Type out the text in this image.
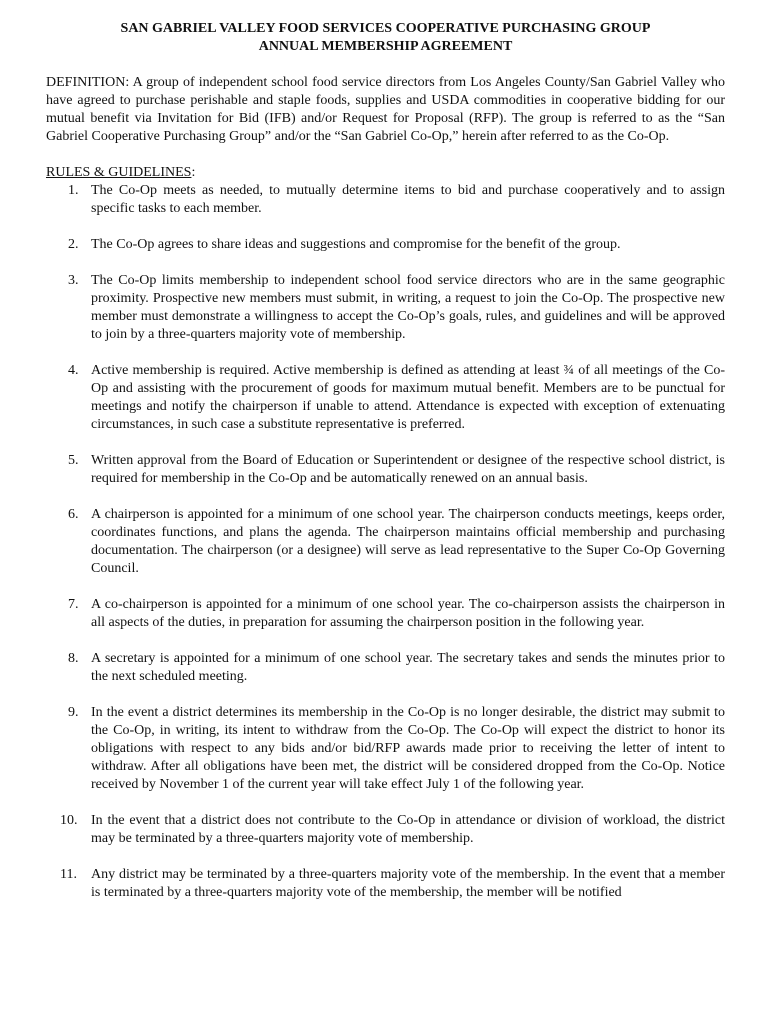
SAN GABRIEL VALLEY FOOD SERVICES COOPERATIVE PURCHASING GROUP
ANNUAL MEMBERSHIP AGREEMENT

DEFINITION: A group of independent school food service directors from Los Angeles County/San Gabriel Valley who have agreed to purchase perishable and staple foods, supplies and USDA commodities in cooperative bidding for our mutual benefit via Invitation for Bid (IFB) and/or Request for Proposal (RFP). The group is referred to as the “San Gabriel Cooperative Purchasing Group” and/or the “San Gabriel Co-Op,” herein after referred to as the Co-Op.

RULES & GUIDELINES:
1. The Co-Op meets as needed, to mutually determine items to bid and purchase cooperatively and to assign specific tasks to each member.
2. The Co-Op agrees to share ideas and suggestions and compromise for the benefit of the group.
3. The Co-Op limits membership to independent school food service directors who are in the same geographic proximity. Prospective new members must submit, in writing, a request to join the Co-Op. The prospective new member must demonstrate a willingness to accept the Co-Op’s goals, rules, and guidelines and will be approved to join by a three-quarters majority vote of membership.
4. Active membership is required. Active membership is defined as attending at least ¾ of all meetings of the Co-Op and assisting with the procurement of goods for maximum mutual benefit. Members are to be punctual for meetings and notify the chairperson if unable to attend. Attendance is expected with exception of extenuating circumstances, in such case a substitute representative is preferred.
5. Written approval from the Board of Education or Superintendent or designee of the respective school district, is required for membership in the Co-Op and be automatically renewed on an annual basis.
6. A chairperson is appointed for a minimum of one school year. The chairperson conducts meetings, keeps order, coordinates functions, and plans the agenda. The chairperson maintains official membership and purchasing documentation. The chairperson (or a designee) will serve as lead representative to the Super Co-Op Governing Council.
7. A co-chairperson is appointed for a minimum of one school year. The co-chairperson assists the chairperson in all aspects of the duties, in preparation for assuming the chairperson position in the following year.
8. A secretary is appointed for a minimum of one school year. The secretary takes and sends the minutes prior to the next scheduled meeting.
9. In the event a district determines its membership in the Co-Op is no longer desirable, the district may submit to the Co-Op, in writing, its intent to withdraw from the Co-Op. The Co-Op will expect the district to honor its obligations with respect to any bids and/or bid/RFP awards made prior to receiving the letter of intent to withdraw. After all obligations have been met, the district will be considered dropped from the Co-Op. Notice received by November 1 of the current year will take effect July 1 of the following year.
10. In the event that a district does not contribute to the Co-Op in attendance or division of workload, the district may be terminated by a three-quarters majority vote of membership.
11.	Any district may be terminated by a three-quarters majority vote of the membership. In the event that a member is terminated by a three-quarters majority vote of the membership, the member will be notified
